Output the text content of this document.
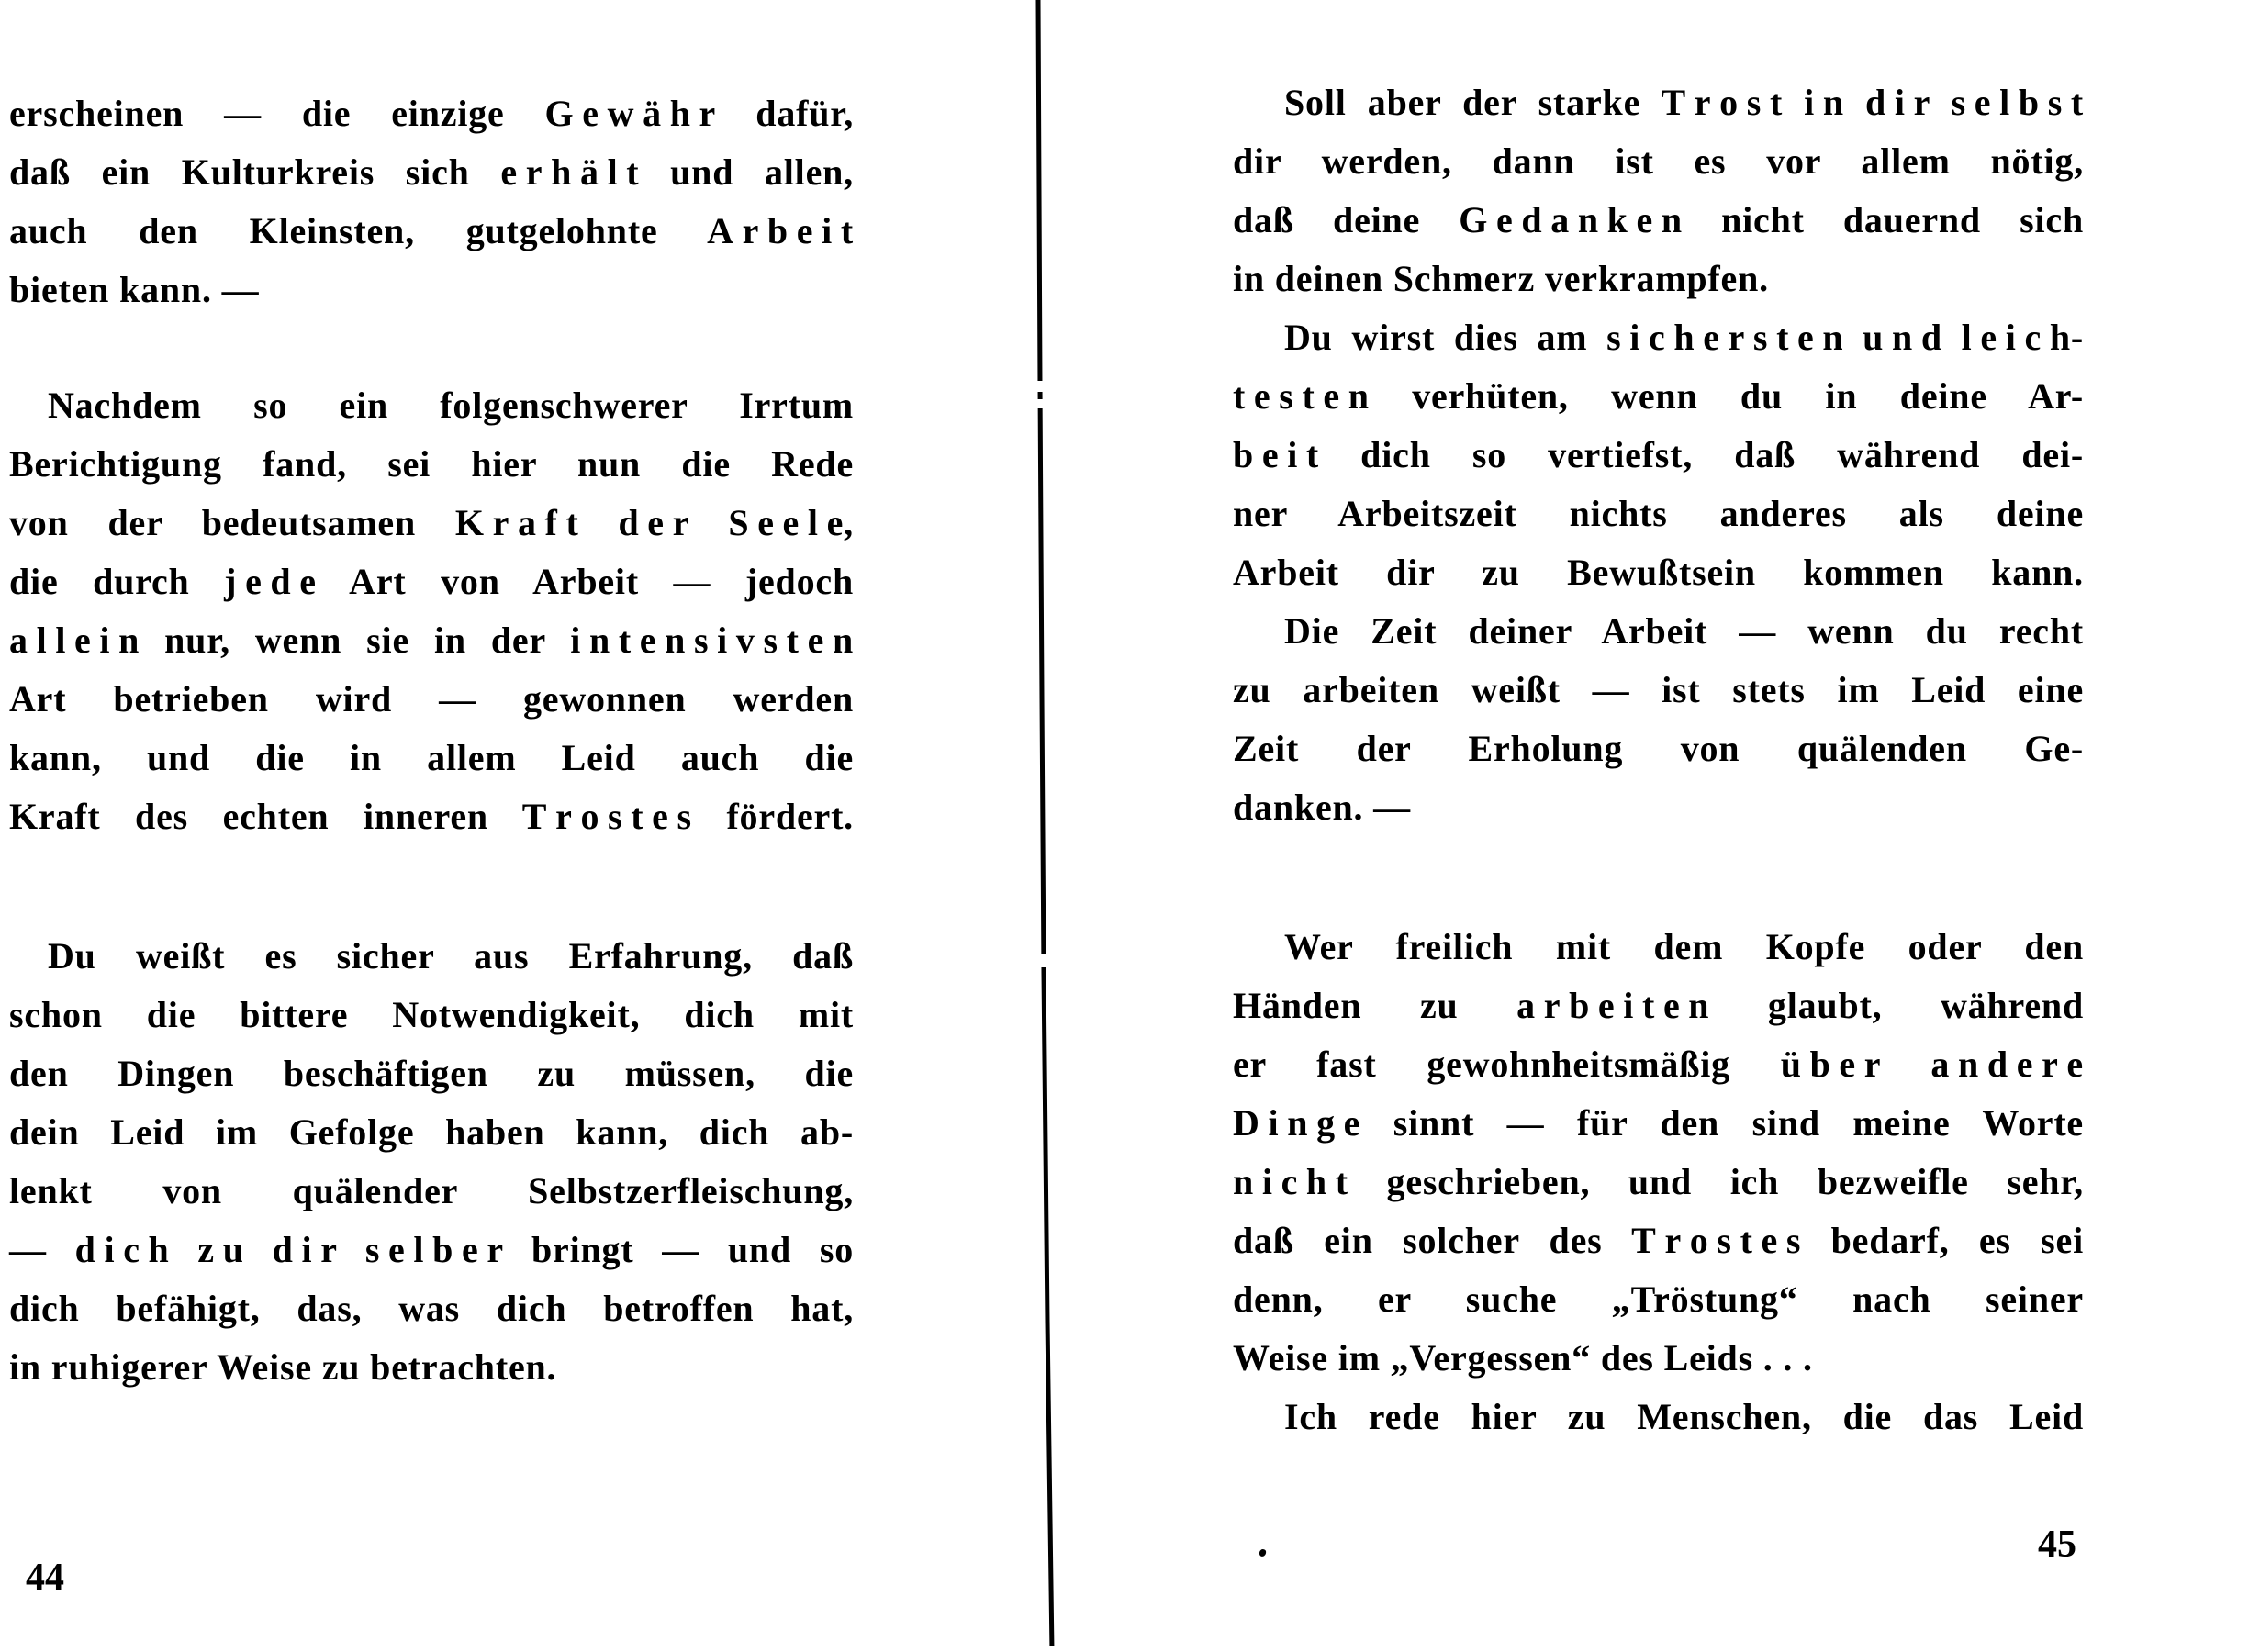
erscheinen — die einzige G e w ä h r dafür,
daß ein Kulturkreis sich e r h ä l t und allen,
auch den Kleinsten, gutgelohnte A r b e i t
bieten kann. —
Nachdem so ein folgenschwerer Irrtum
Berichtigung fand, sei hier nun die Rede
von der bedeutsamen K r a f t d e r S e e l e,
die durch j e d e Art von Arbeit — jedoch
a l l e i n nur, wenn sie in der i n t e n s i v s t e n
Art betrieben wird — gewonnen werden
kann, und die in allem Leid auch die
Kraft des echten inneren T r o s t e s fördert.
Du weißt es sicher aus Erfahrung, daß
schon die bittere Notwendigkeit, dich mit
den Dingen beschäftigen zu müssen, die
dein Leid im Gefolge haben kann, dich ab-
lenkt von quälender Selbstzerfleischung,
— d i c h z u d i r s e l b e r bringt — und so
dich befähigt, das, was dich betroffen hat,
in ruhigerer Weise zu betrachten.
Soll aber der starke T r o s t i n d i r s e l b s t
dir werden, dann ist es vor allem nötig,
daß deine G e d a n k e n nicht dauernd sich
in deinen Schmerz verkrampfen.
Du wirst dies am s i c h e r s t e n u n d l e i c h-
t e s t e n verhüten, wenn du in deine Ar-
b e i t dich so vertiefst, daß während dei-
ner Arbeitszeit nichts anderes als deine
Arbeit dir zu Bewußtsein kommen kann.
Die Zeit deiner Arbeit — wenn du recht
zu arbeiten weißt — ist stets im Leid eine
Zeit der Erholung von quälenden Ge-
danken. —
Wer freilich mit dem Kopfe oder den
Händen zu a r b e i t e n glaubt, während
er fast gewohnheitsmäßig ü b e r a n d e r e
D i n g e sinnt — für den sind meine Worte
n i c h t geschrieben, und ich bezweifle sehr,
daß ein solcher des T r o s t e s bedarf, es sei
denn, er suche „Tröstung“ nach seiner
Weise im „Vergessen“ des Leids . . .
Ich rede hier zu Menschen, die das Leid
44
45
